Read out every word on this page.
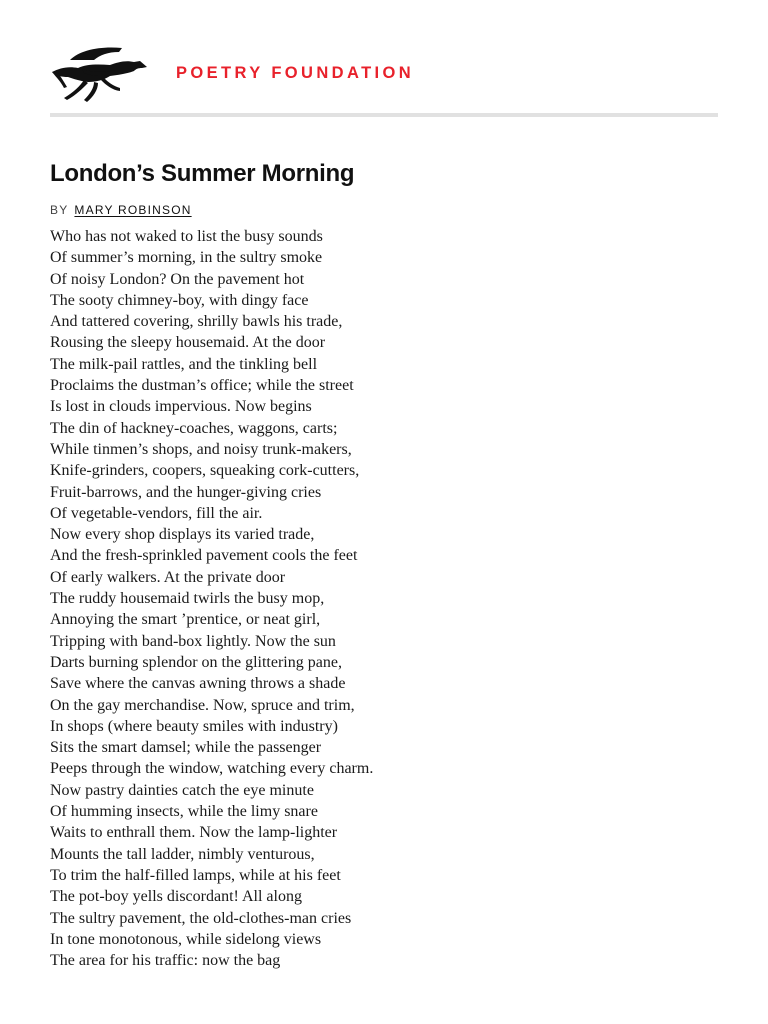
POETRY FOUNDATION
London’s Summer Morning
BY MARY ROBINSON
Who has not waked to list the busy sounds
Of summer’s morning, in the sultry smoke
Of noisy London? On the pavement hot
The sooty chimney-boy, with dingy face
And tattered covering, shrilly bawls his trade,
Rousing the sleepy housemaid. At the door
The milk-pail rattles, and the tinkling bell
Proclaims the dustman’s office; while the street
Is lost in clouds impervious. Now begins
The din of hackney-coaches, waggons, carts;
While tinmen’s shops, and noisy trunk-makers,
Knife-grinders, coopers, squeaking cork-cutters,
Fruit-barrows, and the hunger-giving cries
Of vegetable-vendors, fill the air.
Now every shop displays its varied trade,
And the fresh-sprinkled pavement cools the feet
Of early walkers. At the private door
The ruddy housemaid twirls the busy mop,
Annoying the smart ’prentice, or neat girl,
Tripping with band-box lightly. Now the sun
Darts burning splendor on the glittering pane,
Save where the canvas awning throws a shade
On the gay merchandise. Now, spruce and trim,
In shops (where beauty smiles with industry)
Sits the smart damsel; while the passenger
Peeps through the window, watching every charm.
Now pastry dainties catch the eye minute
Of humming insects, while the limy snare
Waits to enthrall them. Now the lamp-lighter
Mounts the tall ladder, nimbly venturous,
To trim the half-filled lamps, while at his feet
The pot-boy yells discordant! All along
The sultry pavement, the old-clothes-man cries
In tone monotonous, while sidelong views
The area for his traffic: now the bag
